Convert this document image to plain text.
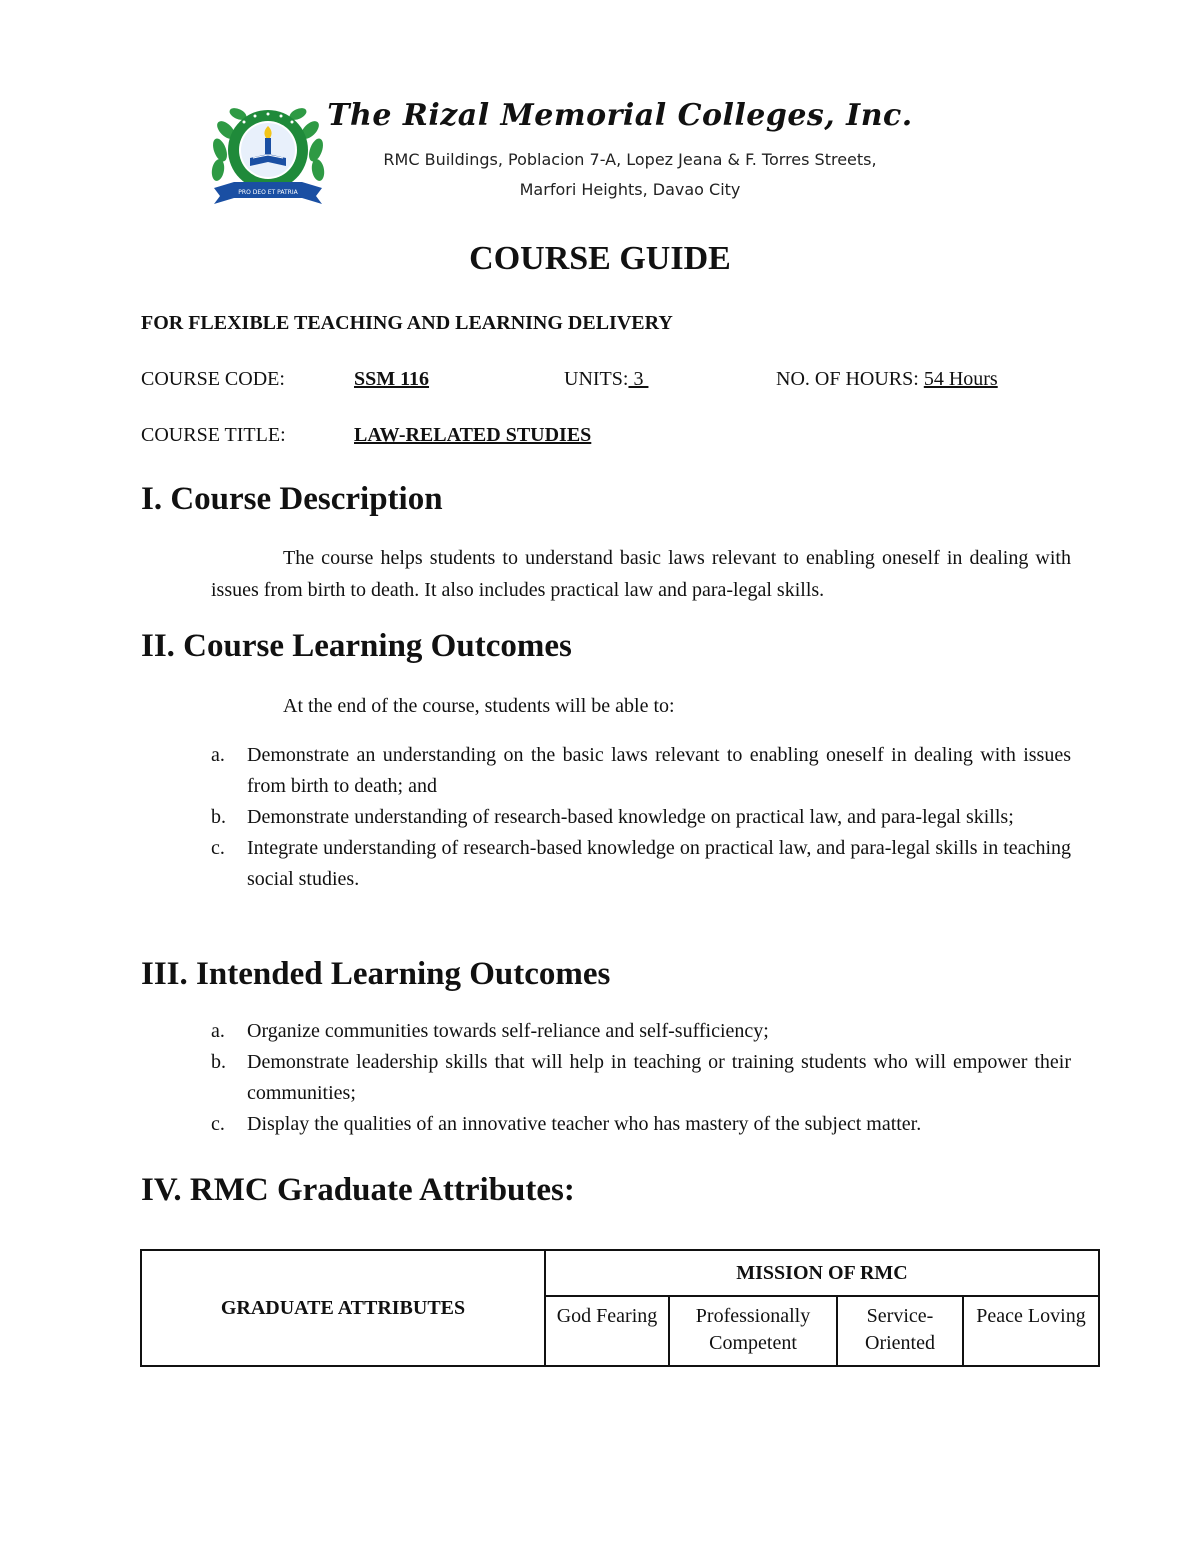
PRO DEO ET PATRIA
The Rizal Memorial Colleges, Inc.
RMC Buildings, Poblacion 7-A, Lopez Jeana & F. Torres Streets,
Marfori Heights, Davao City
COURSE GUIDE
FOR FLEXIBLE TEACHING AND LEARNING DELIVERY
COURSE CODE:	SSM 116	UNITS: 3	NO. OF HOURS: 54 Hours
COURSE TITLE:	LAW-RELATED STUDIES
I. Course Description
The course helps students to understand basic laws relevant to enabling oneself in dealing with issues from birth to death. It also includes practical law and para-legal skills.
II. Course Learning Outcomes
At the end of the course, students will be able to:
a.	Demonstrate an understanding on the basic laws relevant to enabling oneself in dealing with issues from birth to death; and
b.	Demonstrate understanding of research-based knowledge on practical law, and para-legal skills;
c.	Integrate understanding of research-based knowledge on practical law, and para-legal skills in teaching social studies.
III. Intended Learning Outcomes
a.	Organize communities towards self-reliance and self-sufficiency;
b.	Demonstrate leadership skills that will help in teaching or training students who will empower their communities;
c.	Display the qualities of an innovative teacher who has mastery of the subject matter.
IV. RMC Graduate Attributes:
GRADUATE ATTRIBUTES	MISSION OF RMC			
	God Fearing	Professionally Competent	Service-Oriented	Peace Loving
